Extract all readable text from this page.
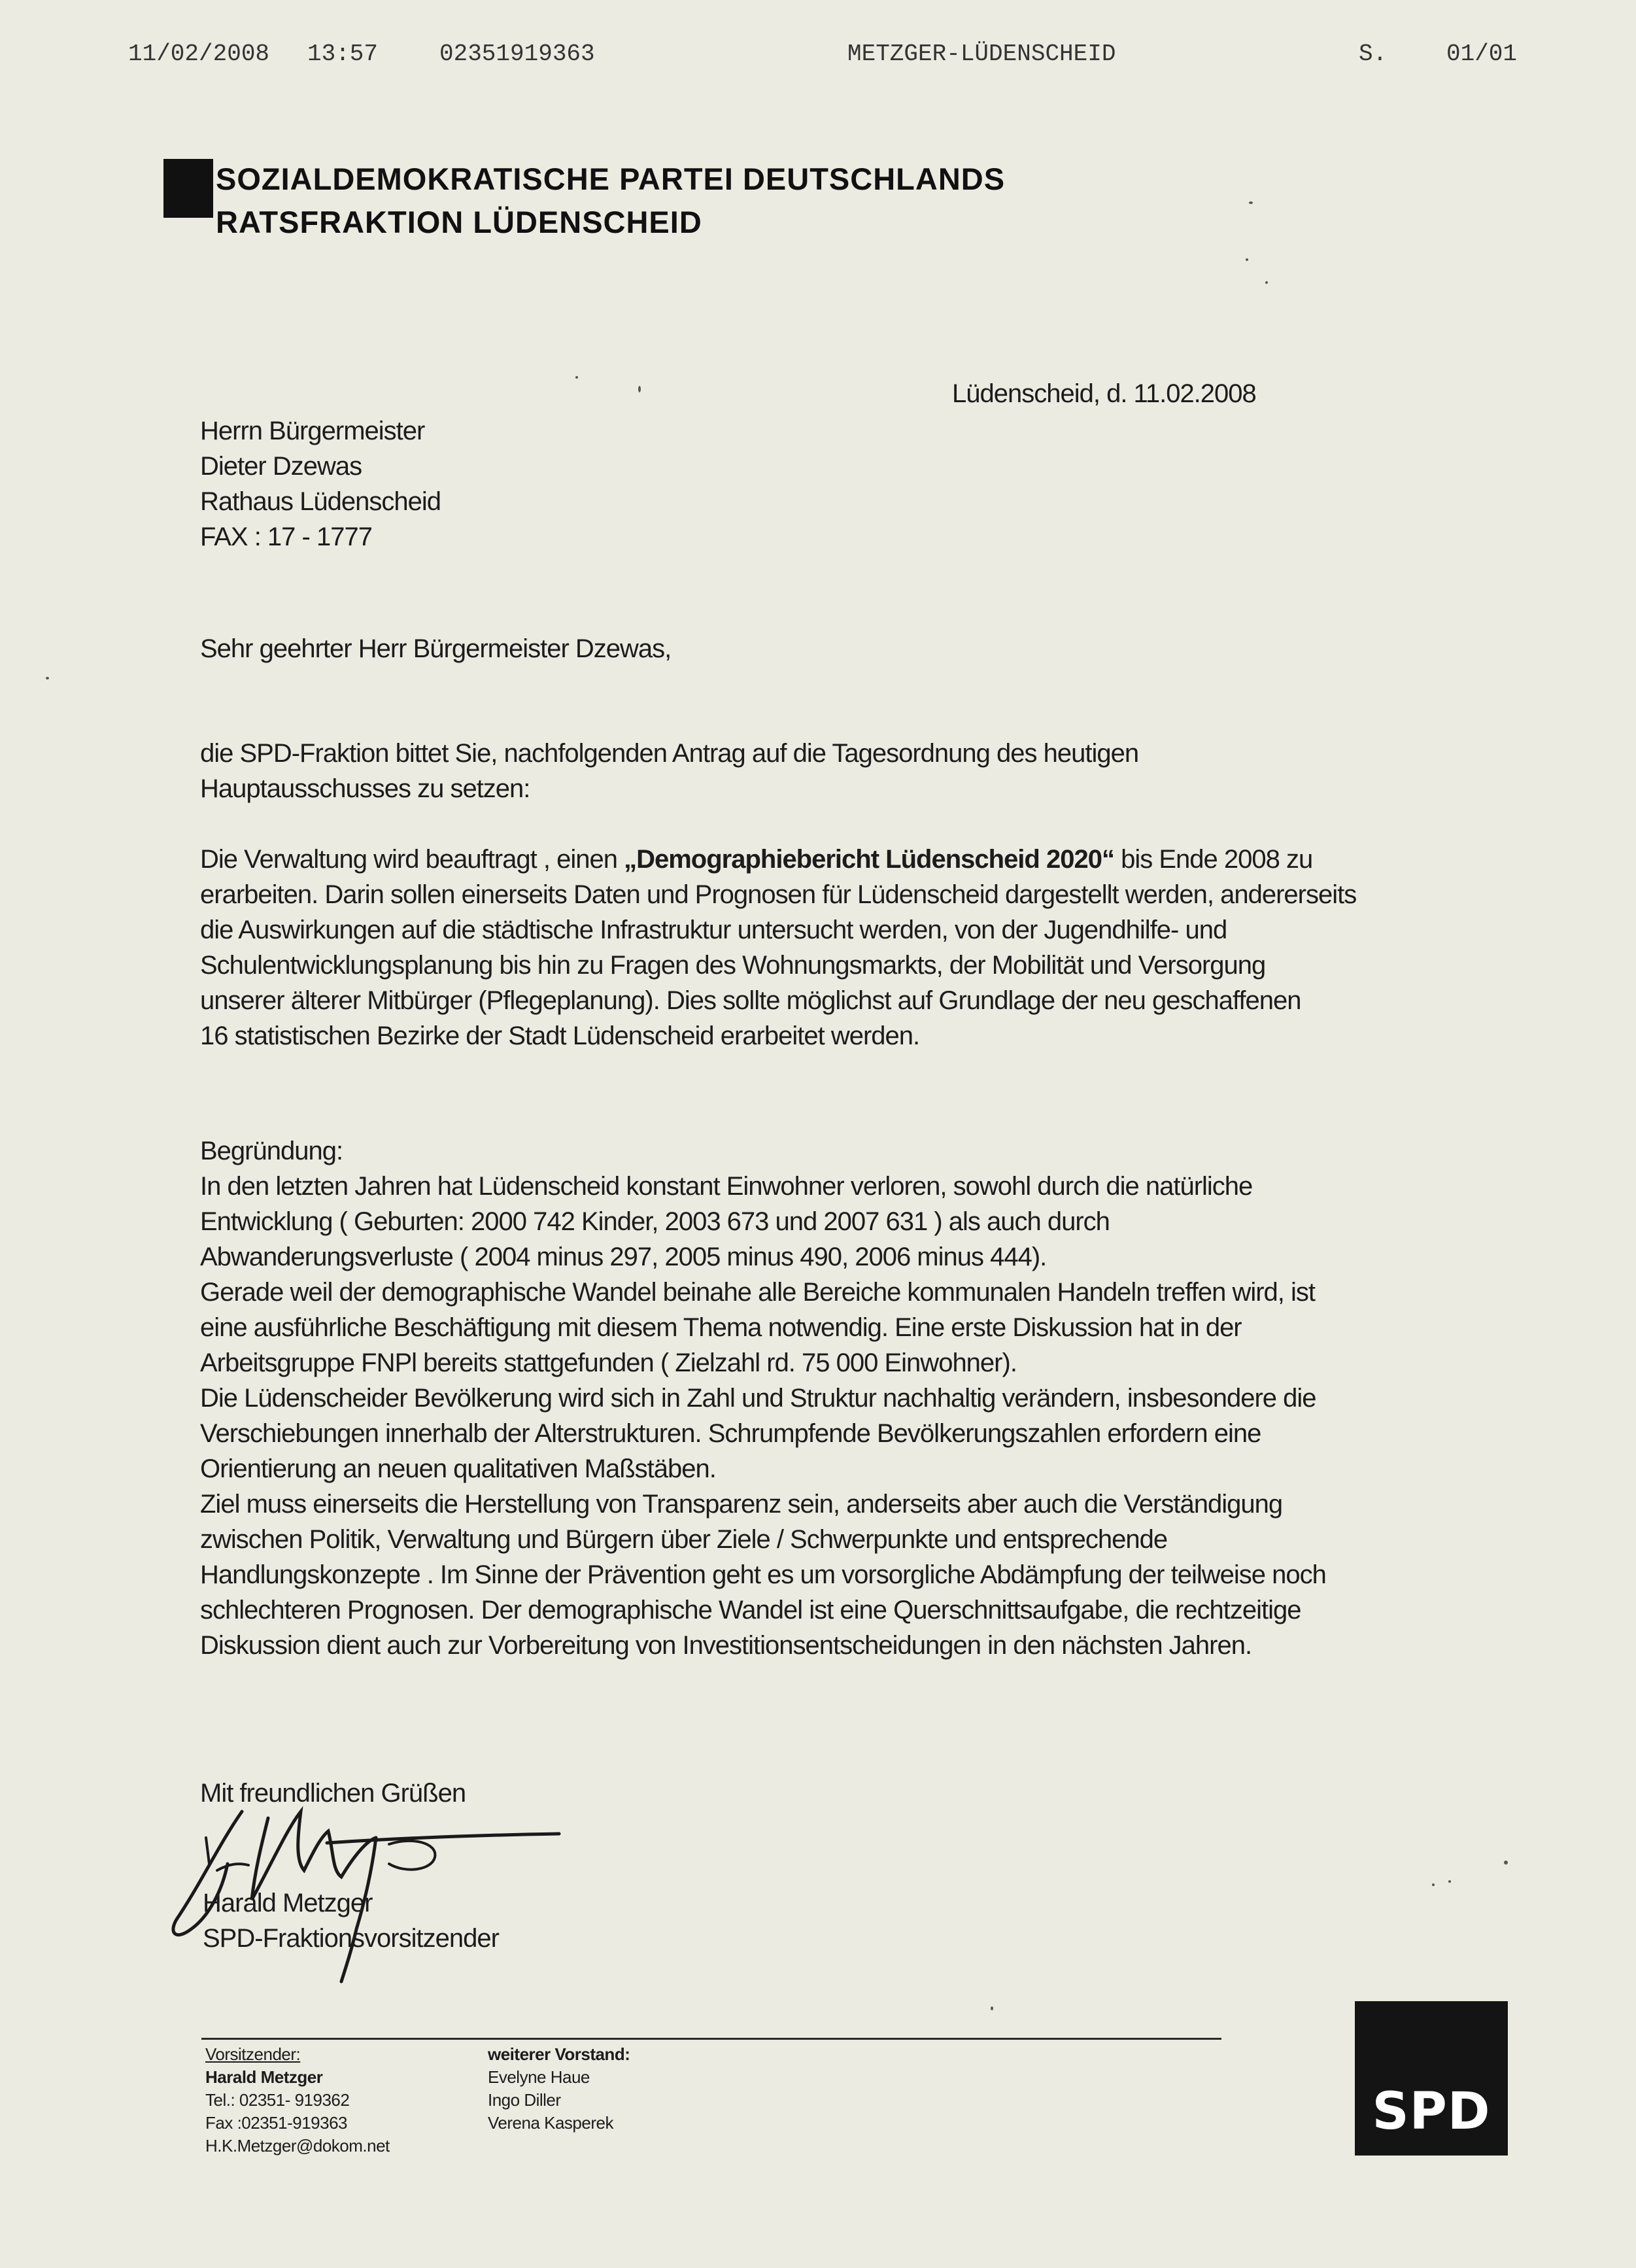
11/02/2008 13:57	02351919363	METZGER-LÜDENSCHEID	S.	01/01
SOZIALDEMOKRATISCHE PARTEI DEUTSCHLANDS
RATSFRAKTION LÜDENSCHEID
Lüdenscheid, d. 11.02.2008
Herrn Bürgermeister
Dieter Dzewas
Rathaus Lüdenscheid
FAX : 17 - 1777
Sehr geehrter Herr Bürgermeister Dzewas,
die SPD-Fraktion bittet Sie, nachfolgenden Antrag auf die Tagesordnung des heutigen
Hauptausschusses zu setzen:
Die Verwaltung wird beauftragt , einen „Demographiebericht Lüdenscheid 2020“ bis Ende 2008 zu
erarbeiten. Darin sollen einerseits Daten und Prognosen für Lüdenscheid dargestellt werden, andererseits
die Auswirkungen auf die städtische Infrastruktur untersucht werden, von der Jugendhilfe- und
Schulentwicklungsplanung bis hin zu Fragen des Wohnungsmarkts, der Mobilität und Versorgung
unserer älterer Mitbürger (Pflegeplanung). Dies sollte möglichst auf Grundlage der neu geschaffenen
16 statistischen Bezirke der Stadt Lüdenscheid erarbeitet werden.
Begründung:
In den letzten Jahren hat Lüdenscheid konstant Einwohner verloren, sowohl durch die natürliche
Entwicklung ( Geburten: 2000 742 Kinder, 2003 673 und 2007 631 ) als auch durch
Abwanderungsverluste ( 2004 minus 297, 2005 minus 490, 2006 minus 444).
Gerade weil der demographische Wandel beinahe alle Bereiche kommunalen Handeln treffen wird, ist
eine ausführliche Beschäftigung mit diesem Thema notwendig. Eine erste Diskussion hat in der
Arbeitsgruppe FNPl bereits stattgefunden ( Zielzahl rd. 75 000 Einwohner).
Die Lüdenscheider Bevölkerung wird sich in Zahl und Struktur nachhaltig verändern, insbesondere die
Verschiebungen innerhalb der Alterstrukturen. Schrumpfende Bevölkerungszahlen erfordern eine
Orientierung an neuen qualitativen Maßstäben.
Ziel muss einerseits die Herstellung von Transparenz sein, anderseits aber auch die Verständigung
zwischen Politik, Verwaltung und Bürgern über Ziele / Schwerpunkte und entsprechende
Handlungskonzepte . Im Sinne der Prävention geht es um vorsorgliche Abdämpfung der teilweise noch
schlechteren Prognosen. Der demographische Wandel ist eine Querschnittsaufgabe, die rechtzeitige
Diskussion dient auch zur Vorbereitung von Investitionsentscheidungen in den nächsten Jahren.
Mit freundlichen Grüßen
Harald Metzger
SPD-Fraktionsvorsitzender
Vorsitzender:
Harald Metzger
Tel.: 02351- 919362
Fax :02351-919363
H.K.Metzger@dokom.net
weiterer Vorstand:
Evelyne Haue
Ingo Diller
Verena Kasperek	SPD
